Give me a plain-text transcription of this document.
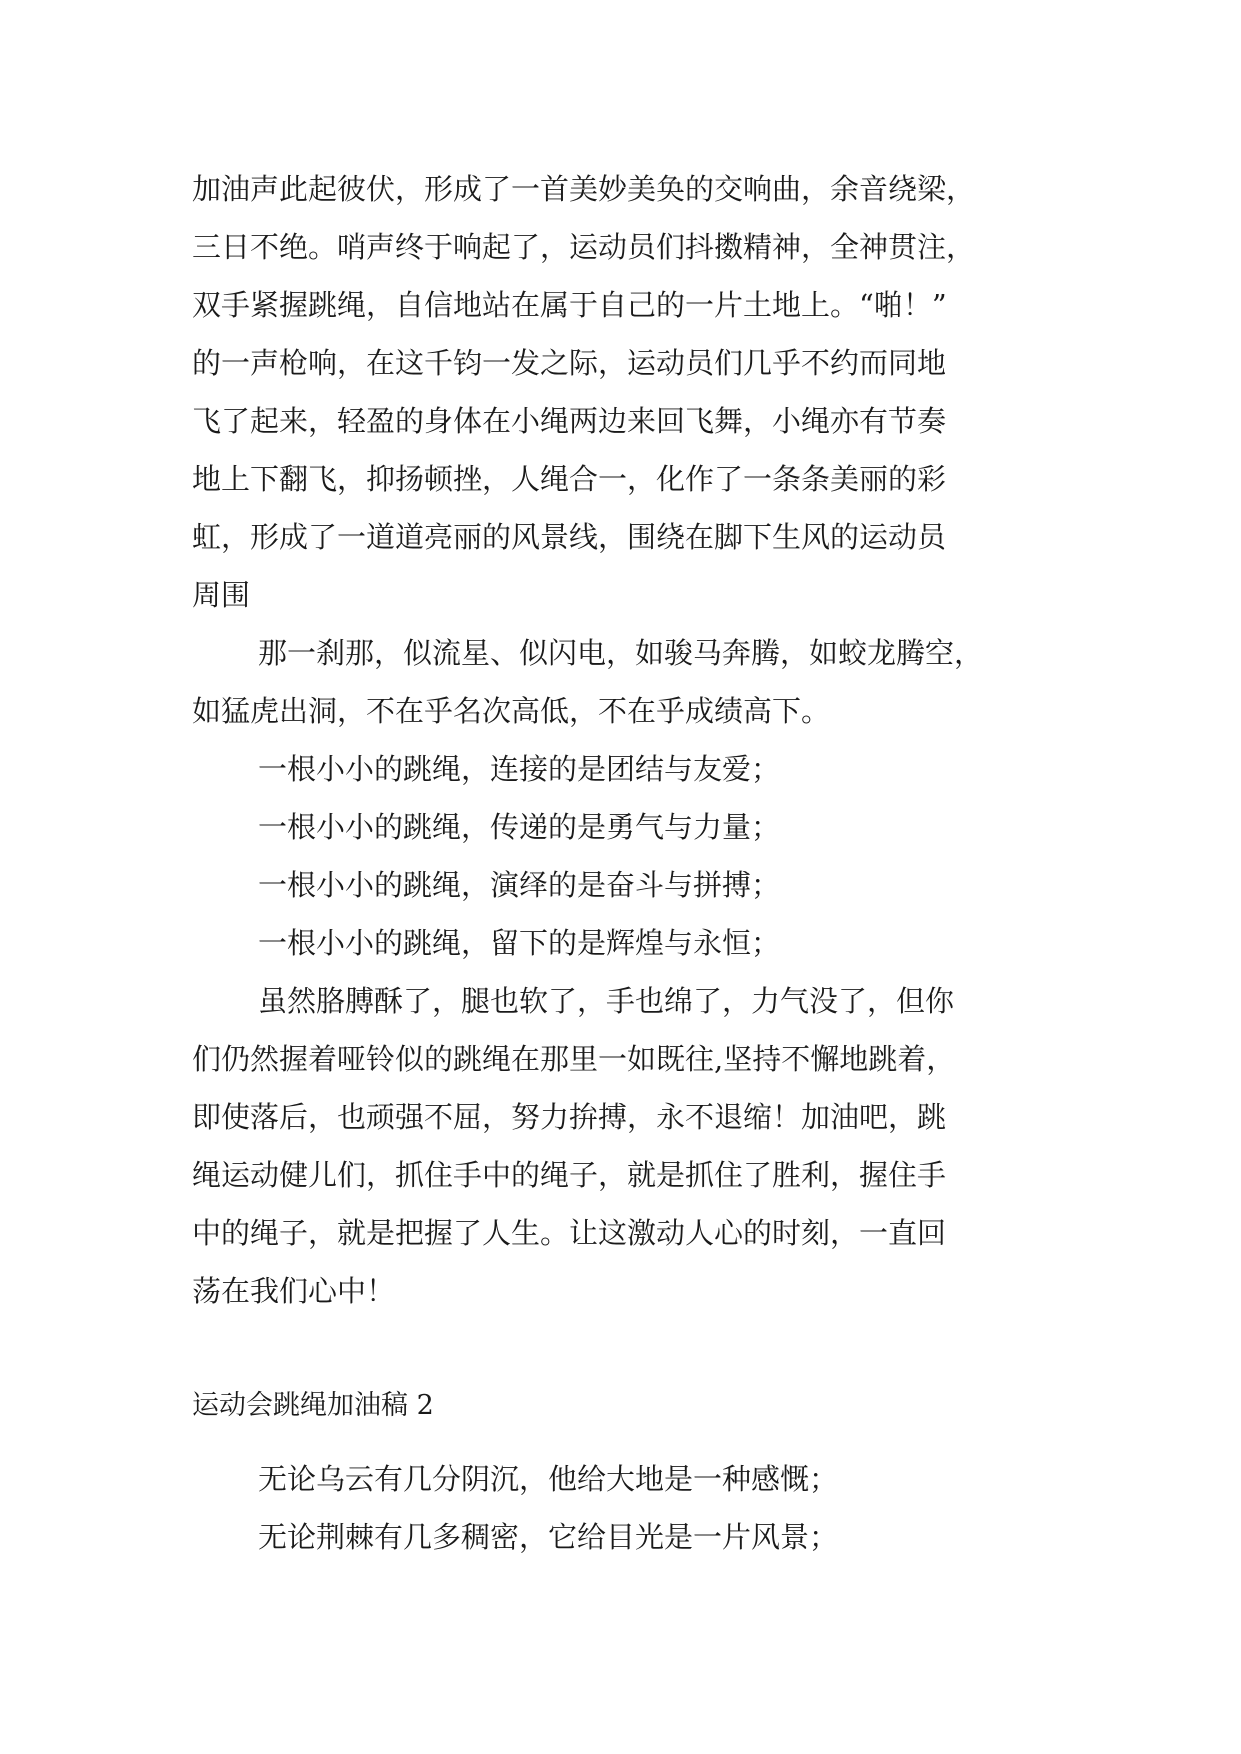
加油声此起彼伏，形成了一首美妙美奂的交响曲，余音绕梁，

三日不绝。哨声终于响起了，运动员们抖擞精神，全神贯注，

双手紧握跳绳，自信地站在属于自己的一片土地上。“啪！”

的一声枪响，在这千钧一发之际，运动员们几乎不约而同地

飞了起来，轻盈的身体在小绳两边来回飞舞，小绳亦有节奏

地上下翻飞，抑扬顿挫，人绳合一，化作了一条条美丽的彩

虹，形成了一道道亮丽的风景线，围绕在脚下生风的运动员

周围

那一刹那，似流星、似闪电，如骏马奔腾，如蛟龙腾空，

如猛虎出洞，不在乎名次高低，不在乎成绩高下。

一根小小的跳绳，连接的是团结与友爱；

一根小小的跳绳，传递的是勇气与力量；

一根小小的跳绳，演绎的是奋斗与拼搏；

一根小小的跳绳，留下的是辉煌与永恒；

虽然胳膊酥了，腿也软了，手也绵了，力气没了，但你

们仍然握着哑铃似的跳绳在那里一如既往,坚持不懈地跳着，

即使落后，也顽强不屈，努力拚搏，永不退缩！加油吧，跳

绳运动健儿们，抓住手中的绳子，就是抓住了胜利，握住手

中的绳子，就是把握了人生。让这激动人心的时刻，一直回

荡在我们心中！

运动会跳绳加油稿 2

无论乌云有几分阴沉，他给大地是一种感慨；

无论荆棘有几多稠密，它给目光是一片风景；
